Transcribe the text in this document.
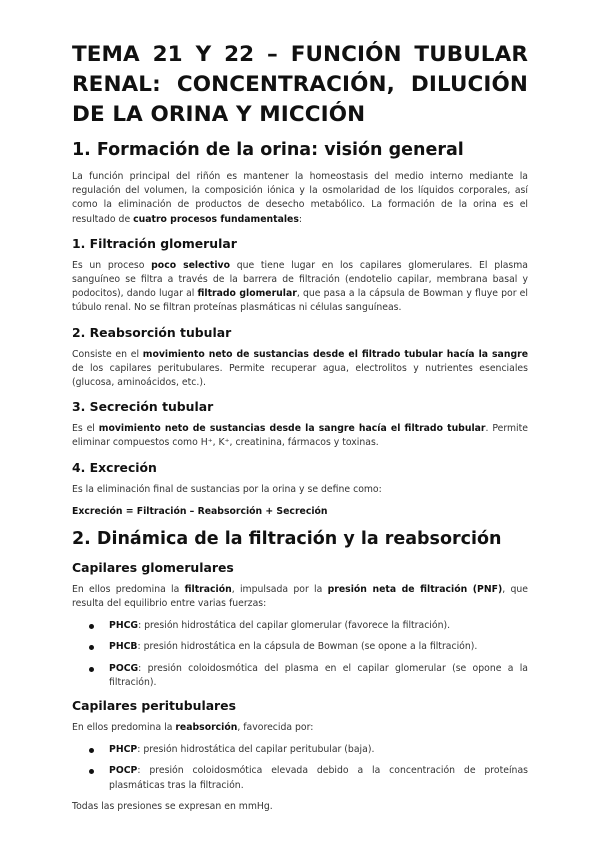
TEMA 21 Y 22 – FUNCIÓN TUBULAR RENAL: CONCENTRACIÓN, DILUCIÓN DE LA ORINA Y MICCIÓN
1. Formación de la orina: visión general

La función principal del riñón es mantener la homeostasis del medio interno mediante la regulación del volumen, la composición iónica y la osmolaridad de los líquidos corporales, así como la eliminación de productos de desecho metabólico. La formación de la orina es el resultado de cuatro procesos fundamentales:

1. Filtración glomerular

Es un proceso poco selectivo que tiene lugar en los capilares glomerulares. El plasma sanguíneo se filtra a través de la barrera de filtración (endotelio capilar, membrana basal y podocitos), dando lugar al filtrado glomerular, que pasa a la cápsula de Bowman y fluye por el túbulo renal. No se filtran proteínas plasmáticas ni células sanguíneas.

2. Reabsorción tubular

Consiste en el movimiento neto de sustancias desde el filtrado tubular hacía la sangre de los capilares peritubulares. Permite recuperar agua, electrolitos y nutrientes esenciales (glucosa, aminoácidos, etc.).

3. Secreción tubular

Es el movimiento neto de sustancias desde la sangre hacía el filtrado tubular. Permite eliminar compuestos como H⁺, K⁺, creatinina, fármacos y toxinas.

4. Excreción

Es la eliminación final de sustancias por la orina y se define como:

Excreción = Filtración – Reabsorción + Secreción

2. Dinámica de la filtración y la reabsorción
Capilares glomerulares

En ellos predomina la filtración, impulsada por la presión neta de filtración (PNF), que resulta del equilibrio entre varias fuerzas:

PHCG: presión hidrostática del capilar glomerular (favorece la filtración).
PHCB: presión hidrostática en la cápsula de Bowman (se opone a la filtración).
POCG: presión coloidosmótica del plasma en el capilar glomerular (se opone a la filtración).
Capilares peritubulares

En ellos predomina la reabsorción, favorecida por:

PHCP: presión hidrostática del capilar peritubular (baja).
POCP: presión coloidosmótica elevada debido a la concentración de proteínas plasmáticas tras la filtración.

Todas las presiones se expresan en mmHg.
